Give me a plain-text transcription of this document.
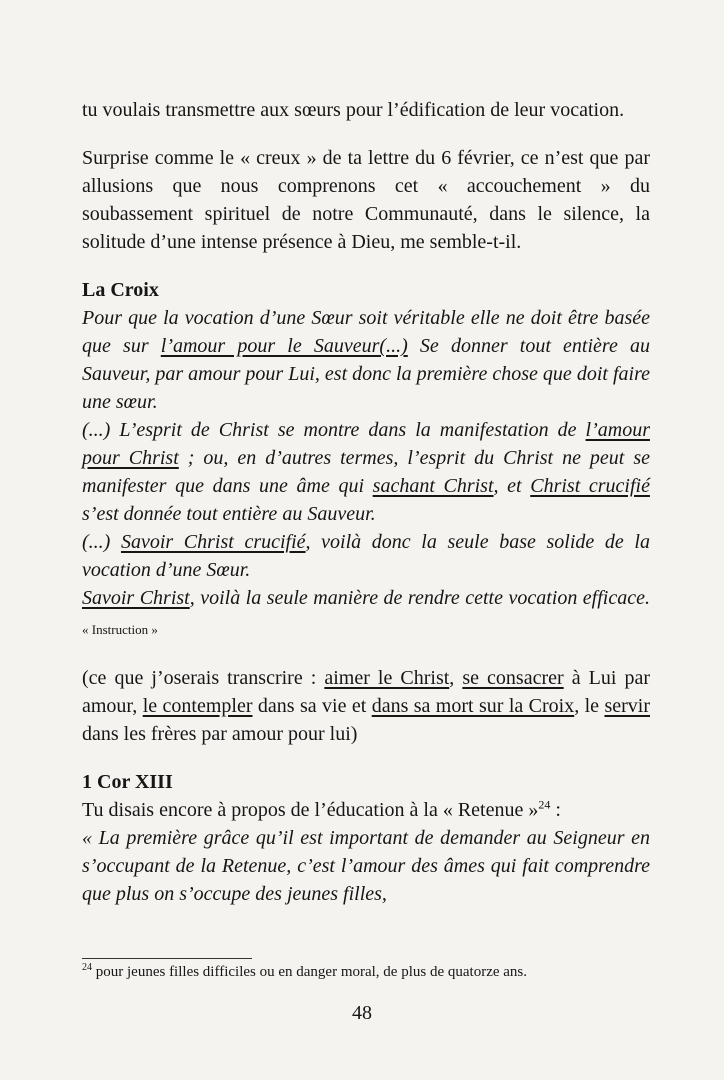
tu voulais transmettre aux sœurs pour l’édification de leur vocation.

Surprise comme le « creux » de ta lettre du 6 février, ce n’est que par allusions que nous comprenons cet « accouchement » du soubassement spirituel de notre Communauté, dans le silence, la solitude d’une intense présence à Dieu, me semble-t-il.

La Croix

Pour que la vocation d’une Sœur soit véritable elle ne doit être basée que sur l’amour pour le Sauveur(...) Se donner tout entière au Sauveur, par amour pour Lui, est donc la première chose que doit faire une sœur.

(...) L’esprit de Christ se montre dans la manifestation de l’amour pour Christ ; ou, en d’autres termes, l’esprit du Christ ne peut se manifester que dans une âme qui sachant Christ, et Christ crucifié s’est donnée tout entière au Sauveur.

(...) Savoir Christ crucifié, voilà donc la seule base solide de la vocation d’une Sœur.

Savoir Christ, voilà la seule manière de rendre cette vocation efficace. « Instruction »

(ce que j’oserais transcrire : aimer le Christ, se consacrer à Lui par amour, le contempler dans sa vie et dans sa mort sur la Croix, le servir dans les frères par amour pour lui)

1 Cor XIII

Tu disais encore à propos de l’éducation à la « Retenue »$^{24}$ :

« La première grâce qu’il est important de demander au Seigneur en s’occupant de la Retenue, c’est l’amour des âmes qui fait comprendre que plus on s’occupe des jeunes filles,

$^{24}$ pour jeunes filles difficiles ou en danger moral, de plus de quatorze ans.

48
